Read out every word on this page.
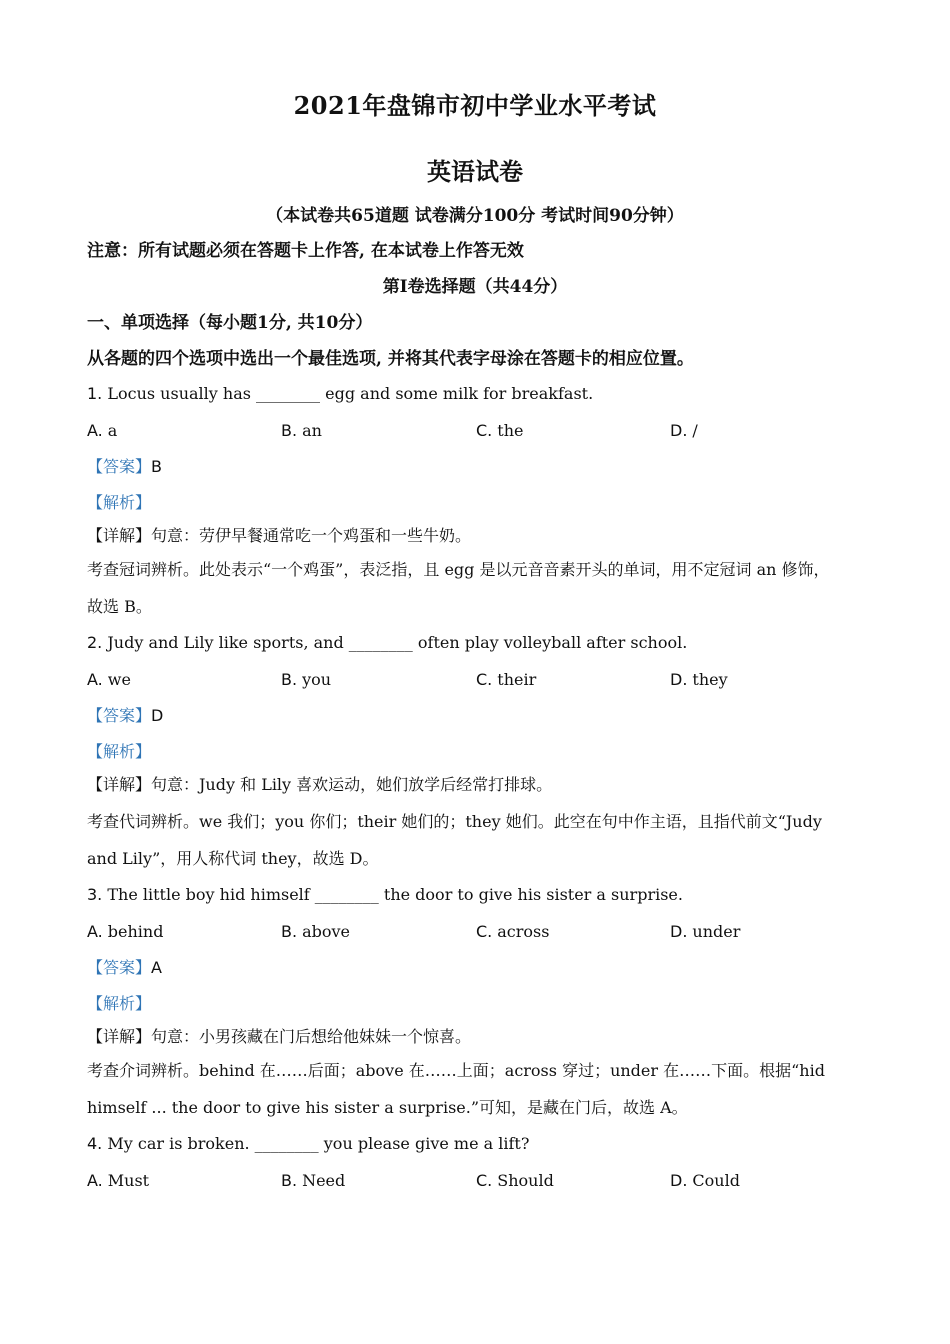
2021年盘锦市初中学业水平考试
英语试卷
（本试卷共65道题 试卷满分100分 考试时间90分钟）
注意：所有试题必须在答题卡上作答, 在本试卷上作答无效
第I卷选择题（共44分）
一、单项选择（每小题1分, 共10分）
从各题的四个选项中选出一个最佳选项, 并将其代表字母涂在答题卡的相应位置。
1. Locus usually has ________ egg and some milk for breakfast.
A. a	B. an	C. the	D. /
【答案】B
【解析】
【详解】句意：劳伊早餐通常吃一个鸡蛋和一些牛奶。
考查冠词辨析。此处表示“一个鸡蛋”，表泛指，且 egg 是以元音音素开头的单词，用不定冠词 an 修饰，
故选 B。
2. Judy and Lily like sports, and ________ often play volleyball after school.
A. we	B. you	C. their	D. they
【答案】D
【解析】
【详解】句意：Judy 和 Lily 喜欢运动，她们放学后经常打排球。
考查代词辨析。we 我们；you 你们；their 她们的；they 她们。此空在句中作主语，且指代前文“Judy
and Lily”，用人称代词 they，故选 D。
3. The little boy hid himself ________ the door to give his sister a surprise.
A. behind	B. above	C. across	D. under
【答案】A
【解析】
【详解】句意：小男孩藏在门后想给他妹妹一个惊喜。
考查介词辨析。behind 在……后面；above 在……上面；across 穿过；under 在……下面。根据“hid
himself ... the door to give his sister a surprise.”可知，是藏在门后，故选 A。
4. My car is broken. ________ you please give me a lift?
A. Must	B. Need	C. Should	D. Could
